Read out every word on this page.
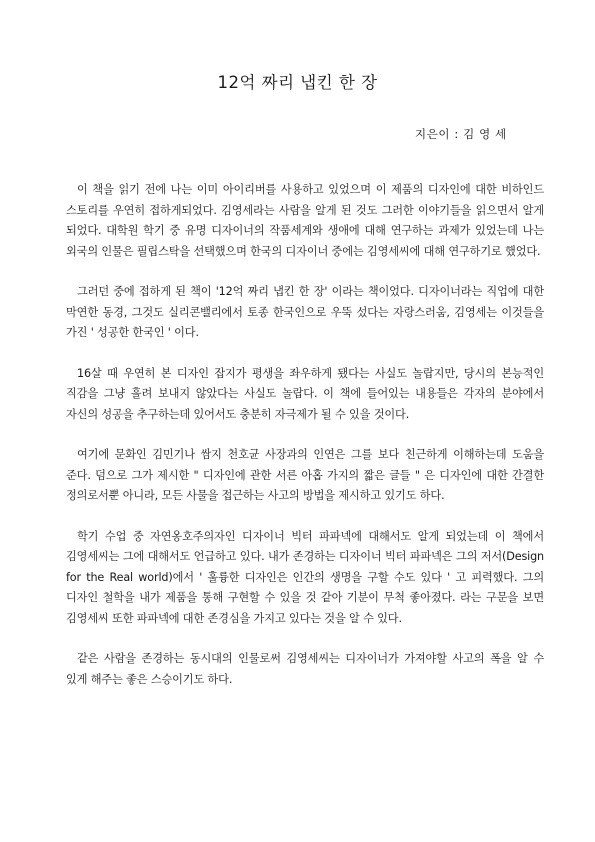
12억 짜리 냅킨 한 장
지은이 : 김 영 세

이 책을 읽기 전에 나는 이미 아이리버를 사용하고 있었으며 이 제품의 디자인에 대한 비하인드 스토리를 우연히 접하게되었다. 김영세라는 사람을 알게 된 것도 그러한 이야기들을 읽으면서 알게 되었다. 대학원 학기 중 유명 디자이너의 작품세계와 생애에 대해 연구하는 과제가 있었는데 나는 외국의 인물은 필립스탁을 선택했으며 한국의 디자이너 중에는 김영세씨에 대해 연구하기로 했었다.

그러던 중에 접하게 된 책이 '12억 짜리 냅킨 한 장' 이라는 책이었다. 디자이너라는 직업에 대한 막연한 동경, 그것도 실리콘밸리에서 토종 한국인으로 우뚝 섰다는 자랑스러움, 김영세는 이것들을 가진 ' 성공한 한국인 ' 이다.

16살 때 우연히 본 디자인 잡지가 평생을 좌우하게 됐다는 사실도 놀랍지만, 당시의 본능적인 직감을 그냥 흘려 보내지 않았다는 사실도 놀랍다. 이 책에 들어있는 내용들은 각자의 분야에서 자신의 성공을 추구하는데 있어서도 충분히 자극제가 될 수 있을 것이다.

여기에 문화인 김민기나 쌈지 천호균 사장과의 인연은 그를 보다 친근하게 이해하는데 도움을 준다. 덤으로 그가 제시한 " 디자인에 관한 서른 아홉 가지의 짧은 글들 " 은 디자인에 대한 간결한 정의로서뿐 아니라, 모든 사물을 접근하는 사고의 방법을 제시하고 있기도 하다.

학기 수업 중 자연옹호주의자인 디자이너 빅터 파파넥에 대해서도 알게 되었는데 이 책에서 김영세씨는 그에 대해서도 언급하고 있다. 내가 존경하는 디자이너 빅터 파파넥은 그의 저서(Design for the Real world)에서 ' 훌륭한 디자인은 인간의 생명을 구할 수도 있다 ' 고 피력했다. 그의 디자인 철학을 내가 제품을 통해 구현할 수 있을 것 같아 기분이 무척 좋아졌다. 라는 구문을 보면 김영세씨 또한 파파넥에 대한 존경심을 가지고 있다는 것을 알 수 있다.

같은 사람을 존경하는 동시대의 인물로써 김영세씨는 디자이너가 가져야할 사고의 폭을 알 수 있게 해주는 좋은 스승이기도 하다.
